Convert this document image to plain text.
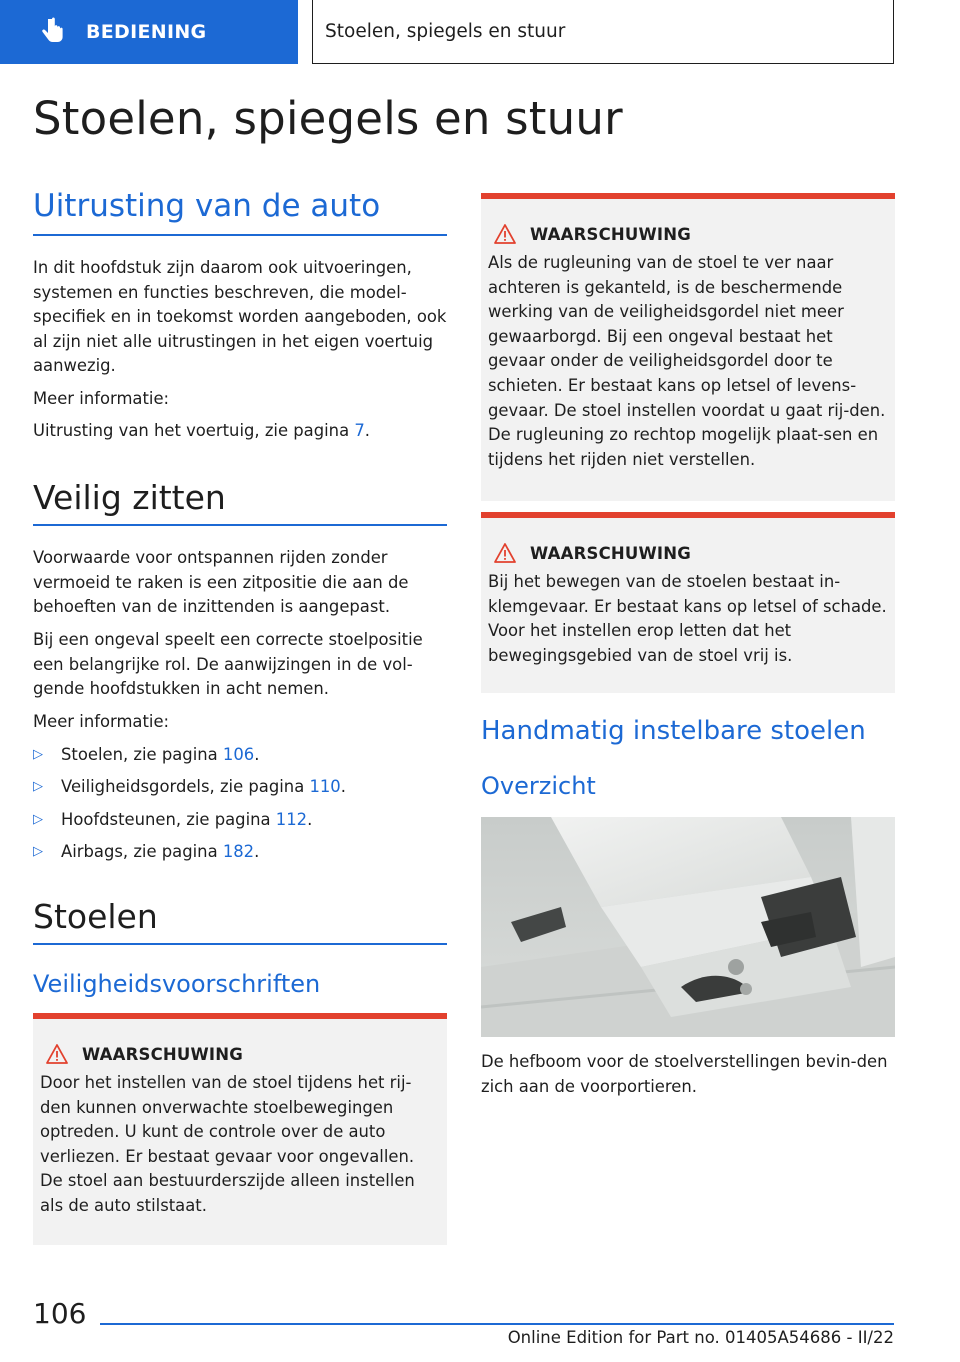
BEDIENING	Stoelen, spiegels en stuur
Stoelen, spiegels en stuur
Uitrusting van de auto

In dit hoofdstuk zijn daarom ook uitvoeringen, systemen en functies beschreven, die model-specifiek en in toekomst worden aangeboden, ook al zijn niet alle uitrustingen in het eigen voertuig aanwezig.

Meer informatie:

Uitrusting van het voertuig, zie pagina 7.

Veilig zitten

Voorwaarde voor ontspannen rijden zonder vermoeid te raken is een zitpositie die aan de behoeften van de inzittenden is aangepast.

Bij een ongeval speelt een correcte stoelpositie een belangrijke rol. De aanwijzingen in de vol-gende hoofdstukken in acht nemen.

Meer informatie:

▷	Stoelen, zie pagina 106.
▷	Veiligheidsgordels, zie pagina 110.
▷	Hoofdsteunen, zie pagina 112.
▷	Airbags, zie pagina 182.
Stoelen
Veiligheidsvoorschriften
WAARSCHUWING

Door het instellen van de stoel tijdens het rij-den kunnen onverwachte stoelbewegingen optreden. U kunt de controle over de auto verliezen. Er bestaat gevaar voor ongevallen. De stoel aan bestuurderszijde alleen instellen als de auto stilstaat.

WAARSCHUWING

Als de rugleuning van de stoel te ver naar achteren is gekanteld, is de beschermende werking van de veiligheidsgordel niet meer gewaarborgd. Bij een ongeval bestaat het gevaar onder de veiligheidsgordel door te schieten. Er bestaat kans op letsel of levens-gevaar. De stoel instellen voordat u gaat rij-den. De rugleuning zo rechtop mogelijk plaat-sen en tijdens het rijden niet verstellen.

WAARSCHUWING

Bij het bewegen van de stoelen bestaat in-klemgevaar. Er bestaat kans op letsel of schade. Voor het instellen erop letten dat het bewegingsgebied van de stoel vrij is.

Handmatig instelbare stoelen
Overzicht

De hefboom voor de stoelverstellingen bevin-den zich aan de voorportieren.

106
Online Edition for Part no. 01405A54686 - II/22
